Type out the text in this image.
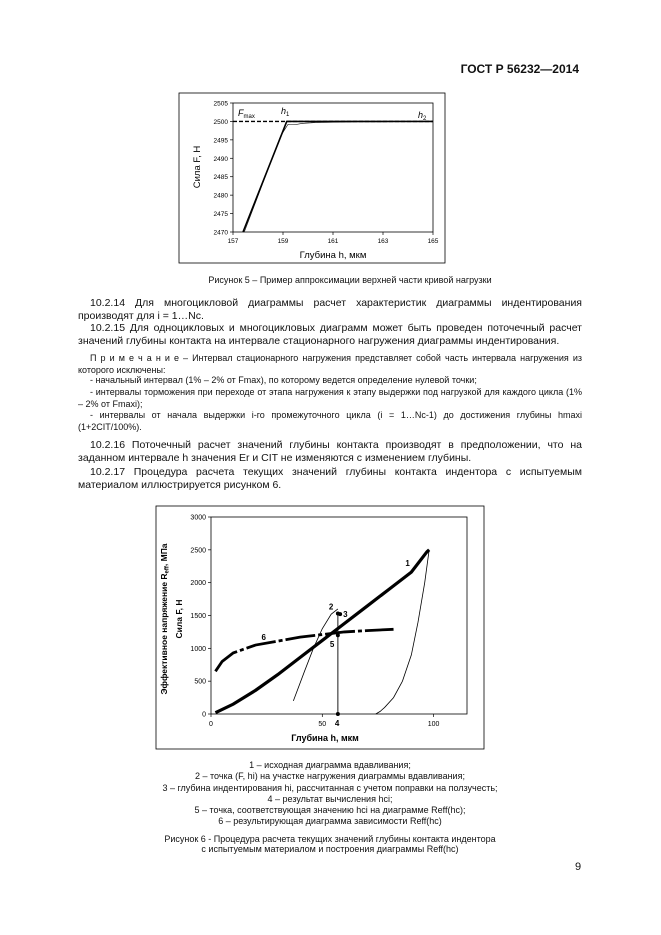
ГОСТ Р 56232—2014
157	159	161	163	165
2470
2475
2480
2485
2490
2495
2500
2505
$F_{max}$
$h_1$	$h_2$
Глубина h, мкм
Сила F, Н
Рисунок 5 – Пример аппроксимации верхней части кривой нагрузки
10.2.14 Для многоцикловой диаграммы расчет характеристик диаграммы индентирования производят для i = 1…Nc.
10.2.15 Для одноцикловых и многоцикловых диаграмм может быть проведен поточечный расчет значений глубины контакта на интервале стационарного нагружения диаграммы индентирования.
П р и м е ч а н и е – Интервал стационарного нагружения представляет собой часть интервала нагружения из которого исключены:
- начальный интервал (1% – 2% от Fmax), по которому ведется определение нулевой точки;
- интервалы торможения при переходе от этапа нагружения к этапу выдержки под нагрузкой для каждого цикла (1% – 2% от Fmaxi);
- интервалы от начала выдержки i-го промежуточного цикла (i = 1…Nc-1) до достижения глубины hmaxi (1+2CIT/100%).
10.2.16 Поточечный расчет значений глубины контакта производят в предположении, что на заданном интервале h значения Er и CIT не изменяются с изменением глубины.
10.2.17 Процедура расчета текущих значений глубины контакта индентора с испытуемым материалом иллюстрируется рисунком 6.
0	50	100
0
500
1000
1500
2000
2500
3000
2
3
4
5
1
6
Глубина h, мкм
Эффективное напряжение Reff, МПа
Сила F, Н
1 – исходная диаграмма вдавливания;
2 – точка (F, hi) на участке нагружения диаграммы вдавливания;
3 – глубина индентирования hi, рассчитанная с учетом поправки на ползучесть;
4 – результат вычисления hci;
5 – точка, соответствующая значению hci на диаграмме Reff(hc);
6 – результирующая диаграмма зависимости Reff(hc)
Рисунок 6 - Процедура расчета текущих значений глубины контакта индентора
с испытуемым материалом и построения диаграммы Reff(hc)
9
